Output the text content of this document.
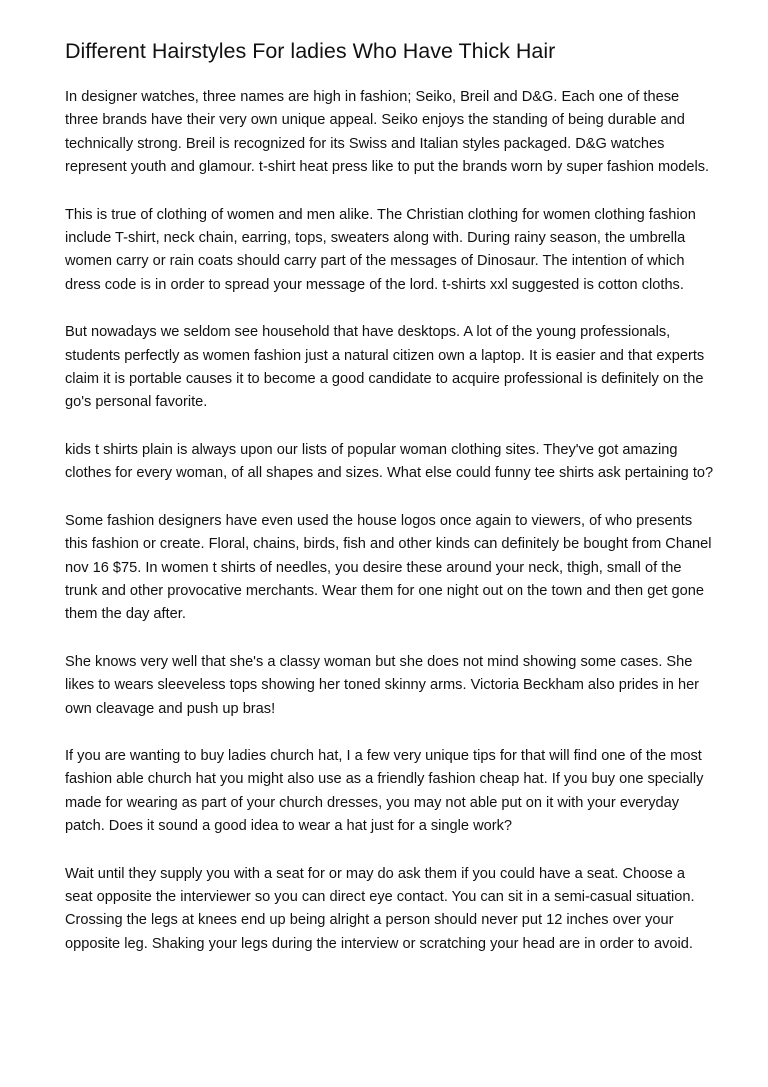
Different Hairstyles For ladies Who Have Thick Hair

In designer watches, three names are high in fashion; Seiko, Breil and D&G. Each one of these three brands have their very own unique appeal. Seiko enjoys the standing of being durable and technically strong. Breil is recognized for its Swiss and Italian styles packaged. D&G watches represent youth and glamour. t-shirt heat press like to put the brands worn by super fashion models.

This is true of clothing of women and men alike. The Christian clothing for women clothing fashion include T-shirt, neck chain, earring, tops, sweaters along with. During rainy season, the umbrella women carry or rain coats should carry part of the messages of Dinosaur. The intention of which dress code is in order to spread your message of the lord. t-shirts xxl suggested is cotton cloths.

But nowadays we seldom see household that have desktops. A lot of the young professionals, students perfectly as women fashion just a natural citizen own a laptop. It is easier and that experts claim it is portable causes it to become a good candidate to acquire professional is definitely on the go's personal favorite.

kids t shirts plain is always upon our lists of popular woman clothing sites. They've got amazing clothes for every woman, of all shapes and sizes. What else could funny tee shirts ask pertaining to?

Some fashion designers have even used the house logos once again to viewers, of who presents this fashion or create. Floral, chains, birds, fish and other kinds can definitely be bought from Chanel nov 16 $75. In women t shirts of needles, you desire these around your neck, thigh, small of the trunk and other provocative merchants. Wear them for one night out on the town and then get gone them the day after.

She knows very well that she's a classy woman but she does not mind showing some cases. She likes to wears sleeveless tops showing her toned skinny arms. Victoria Beckham also prides in her own cleavage and push up bras!

If you are wanting to buy ladies church hat, I a few very unique tips for that will find one of the most fashion able church hat you might also use as a friendly fashion cheap hat. If you buy one specially made for wearing as part of your church dresses, you may not able put on it with your everyday patch. Does it sound a good idea to wear a hat just for a single work?

Wait until they supply you with a seat for or may do ask them if you could have a seat. Choose a seat opposite the interviewer so you can direct eye contact. You can sit in a semi-casual situation. Crossing the legs at knees end up being alright a person should never put 12 inches over your opposite leg. Shaking your legs during the interview or scratching your head are in order to avoid.
